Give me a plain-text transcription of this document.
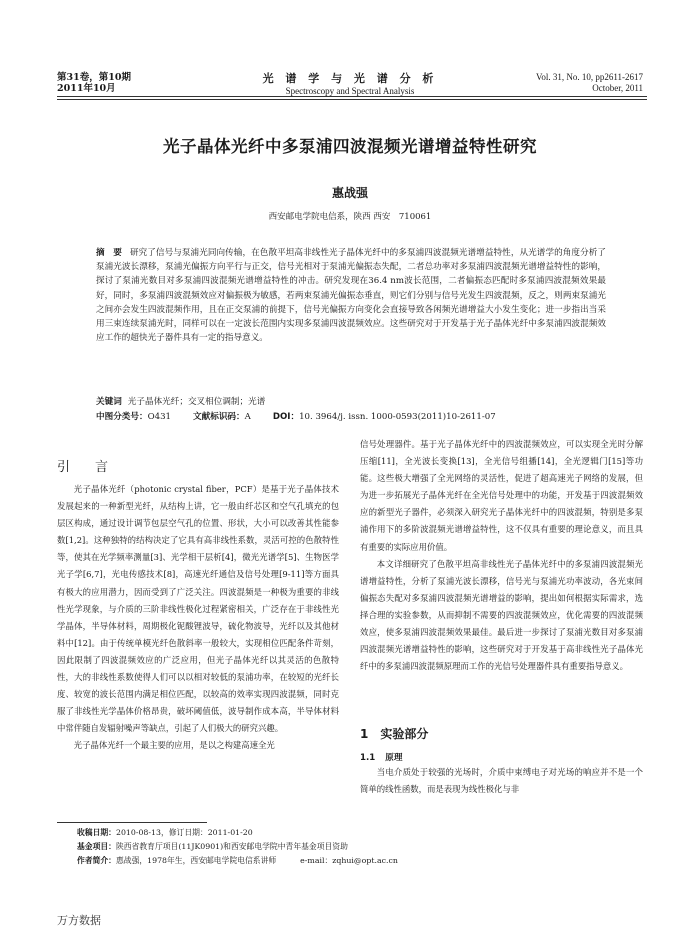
第31卷，第10期
2011年10月
光 谱 学 与 光 谱 分 析
Spectroscopy and Spectral Analysis
Vol. 31, No. 10, pp2611-2617
October, 2011
光子晶体光纤中多泵浦四波混频光谱增益特性研究
惠战强
西安邮电学院电信系，陕西 西安　710061
摘　要 研究了信号与泵浦光同向传输，在色散平坦高非线性光子晶体光纤中的多泵浦四波混频光谱增益特性，从光谱学的角度分析了泵浦光波长漂移，泵浦光偏振方向平行与正交，信号光相对于泵浦光偏振态失配，二者总功率对多泵浦四波混频光谱增益特性的影响，探讨了泵浦光数目对多泵浦四波混频光谱增益特性的冲击。研究发现在36.4 nm波长范围，二者偏振态匹配时多泵浦四波混频效果最好，同时，多泵浦四波混频效应对偏振极为敏感，若两束泵浦光偏振态垂直，则它们分别与信号光发生四波混频，反之，则两束泵浦光之间亦会发生四波混频作用，且在正交泵浦的前提下，信号光偏振方向变化会直接导致各闲频光谱增益大小发生变化；进一步指出当采用三束连续泵浦光时，同样可以在一定波长范围内实现多泵浦四波混频效应。这些研究对于开发基于光子晶体光纤中多泵浦四波混频效应工作的超快光子器件具有一定的指导意义。
关键词 光子晶体光纤；交叉相位调制；光谱
中图分类号：O431	文献标识码：A	DOI：10. 3964/j. issn. 1000-0593(2011)10-2611-07
引　言

光子晶体光纤（photonic crystal fiber，PCF）是基于光子晶体技术发展起来的一种新型光纤，从结构上讲，它一般由纤芯区和空气孔填充的包层区构成，通过设计调节包层空气孔的位置、形状，大小可以改善其性能参数[1,2]。这种独特的结构决定了它具有高非线性系数，灵活可控的色散特性等，使其在光学频率测量[3]、光学相干层析[4]，微光光谱学[5]、生物医学光子学[6,7]，光电传感技术[8]，高速光纤通信及信号处理[9-11]等方面具有极大的应用潜力，因而受到了广泛关注。四波混频是一种极为重要的非线性光学现象，与介质的三阶非线性极化过程紧密相关，广泛存在于非线性光学晶体，半导体材料，周期极化铌酸锂波导，硫化物波导，光纤以及其他材料中[12]。由于传统单模光纤色散斜率一般较大，实现相位匹配条件苛刻，因此限制了四波混频效应的广泛应用，但光子晶体光纤以其灵活的色散特性，大的非线性系数使得人们可以以相对较低的泵浦功率，在较短的光纤长度、较宽的波长范围内满足相位匹配，以较高的效率实现四波混频，同时克服了非线性光学晶体价格昂贵，破坏阈值低，波导制作成本高，半导体材料中常伴随自发辐射噪声等缺点，引起了人们极大的研究兴趣。

光子晶体光纤一个最主要的应用，是以之构建高速全光

信号处理器件。基于光子晶体光纤中的四波混频效应，可以实现全光时分解压缩[11]，全光波长变换[13]，全光信号组播[14]，全光逻辑门[15]等功能。这些极大增强了全光网络的灵活性，促进了超高速光子网络的发展，但为进一步拓展光子晶体光纤在全光信号处理中的功能，开发基于四波混频效应的新型光子器件，必须深入研究光子晶体光纤中的四波混频，特别是多泵浦作用下的多阶波混频光谱增益特性，这不仅具有重要的理论意义，而且具有重要的实际应用价值。

本文详细研究了色散平坦高非线性光子晶体光纤中的多泵浦四波混频光谱增益特性，分析了泵浦光波长漂移，信号光与泵浦光功率波动，各光束间偏振态失配对多泵浦四波混频光谱增益的影响，提出如何根据实际需求，选择合理的实验参数，从而抑制不需要的四波混频效应，优化需要的四波混频效应，使多泵浦四波混频效果最佳。最后进一步探讨了泵浦光数目对多泵浦四波混频光谱增益特性的影响，这些研究对于开发基于高非线性光子晶体光纤中的多泵浦四波混频原理而工作的光信号处理器件具有重要指导意义。

1　实验部分
1.1 原理

当电介质处于较强的光场时，介质中束缚电子对光场的响应并不是一个简单的线性函数，而是表现为线性极化与非

收稿日期：2010-08-13，修订日期：2011-01-20
基金项目：陕西省教育厅项目(11JK0901)和西安邮电学院中青年基金项目资助
作者简介：惠战强，1978年生，西安邮电学院电信系讲师	e-mail：zqhui@opt.ac.cn
万方数据
